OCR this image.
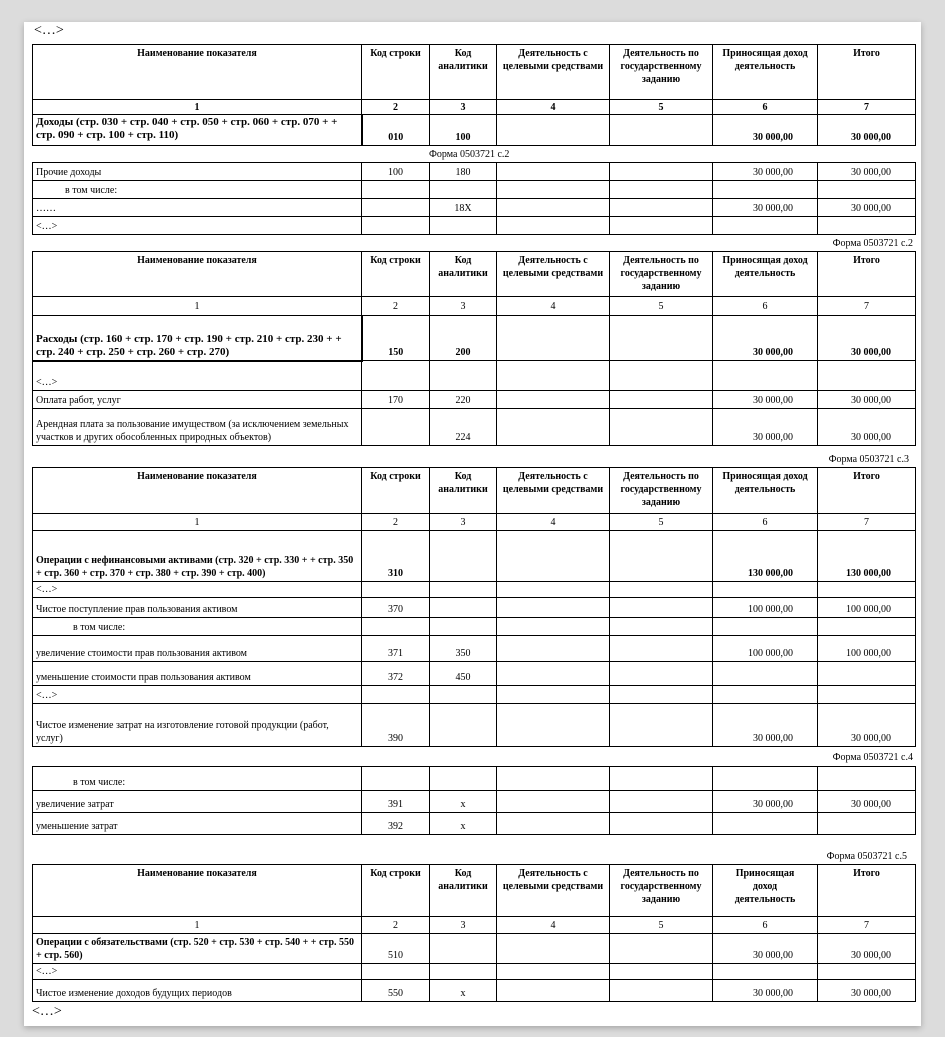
<…>
Наименование показателя	Код строки	Код аналитики	Деятельность с целевыми средствами	Деятельность по государственному заданию	Приносящая доход деятельность	Итого
1	2	3	4	5	6	7
Доходы (стр. 030 + стр. 040 + стр. 050 + стр. 060 + стр. 070 + + стр. 090 + стр. 100 + стр. 110)	010	100			30 000,00	30 000,00
Форма 0503721 с.2
Прочие доходы	100	180			30 000,00	30 000,00
в том числе:						
……		18X			30 000,00	30 000,00
<…>						
Форма 0503721 с.2
Наименование показателя	Код строки	Код аналитики	Деятельность с целевыми средствами	Деятельность по государственному заданию	Приносящая доход деятельность	Итого
1	2	3	4	5	6	7
Расходы (стр. 160 + стр. 170 + стр. 190 + стр. 210 + стр. 230 + + стр. 240 + стр. 250 + стр. 260 + стр. 270)	150	200			30 000,00	30 000,00
<…>						
Оплата работ, услуг	170	220			30 000,00	30 000,00
Арендная плата за пользование имуществом (за исключением земельных участков и других обособленных природных объектов)		224			30 000,00	30 000,00
Форма 0503721 с.3
Наименование показателя	Код строки	Код аналитики	Деятельность с целевыми средствами	Деятельность по государственному заданию	Приносящая доход деятельность	Итого
1	2	3	4	5	6	7
Операции с нефинансовыми активами (стр. 320 + стр. 330 + + стр. 350 + стр. 360 + стр. 370 + стр. 380 + стр. 390 + стр. 400)	310				130 000,00	130 000,00
<…>						
Чистое поступление прав пользования активом	370				100 000,00	100 000,00
в том числе:						
увеличение стоимости прав пользования активом	371	350			100 000,00	100 000,00
уменьшение стоимости прав пользования активом	372	450				
<…>						
Чистое изменение затрат на изготовление готовой продукции (работ, услуг)	390				30 000,00	30 000,00
Форма 0503721 с.4
в том числе:						
увеличение затрат	391	x			30 000,00	30 000,00
уменьшение затрат	392	x				
Форма 0503721 с.5
Наименование показателя	Код строки	Код аналитики	Деятельность с целевыми средствами	Деятельность по государственному заданию	Приносящая доход деятельность	Итого
1	2	3	4	5	6	7
Операции с обязательствами (стр. 520 + стр. 530 + стр. 540 + + стр. 550 + стр. 560)	510				30 000,00	30 000,00
<…>						
Чистое изменение доходов будущих периодов	550	x			30 000,00	30 000,00
<…>
